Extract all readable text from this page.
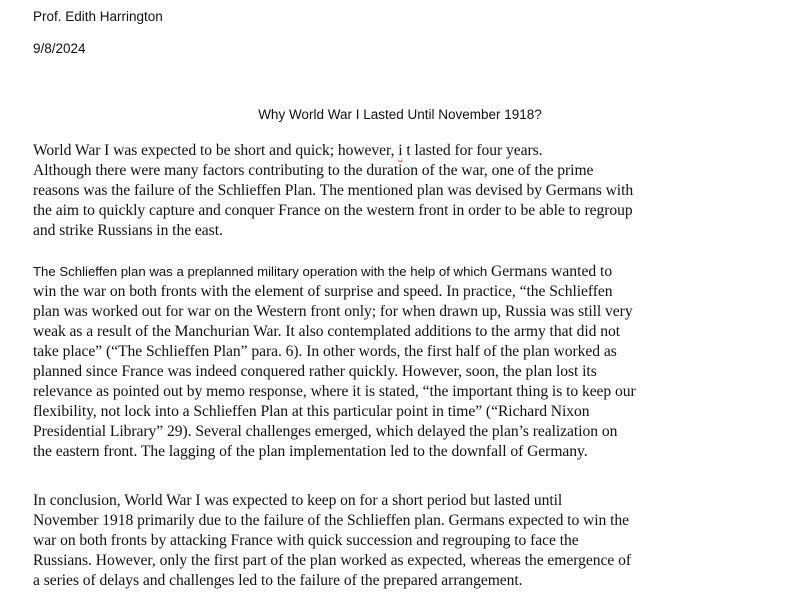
Prof. Edith Harrington
9/8/2024
Why World War I Lasted Until November 1918?
World War I was expected to be short and quick; however, i t lasted for four years.
Although there were many factors contributing to the duration of the war, one of the prime
reasons was the failure of the Schlieffen Plan. The mentioned plan was devised by Germans with
the aim to quickly capture and conquer France on the western front in order to be able to regroup
and strike Russians in the east.
The Schlieffen plan was a preplanned military operation with the help of which Germans wanted to
win the war on both fronts with the element of surprise and speed. In practice, “the Schlieffen
plan was worked out for war on the Western front only; for when drawn up, Russia was still very
weak as a result of the Manchurian War. It also contemplated additions to the army that did not
take place” (“The Schlieffen Plan” para. 6). In other words, the first half of the plan worked as
planned since France was indeed conquered rather quickly. However, soon, the plan lost its
relevance as pointed out by memo response, where it is stated, “the important thing is to keep our
flexibility, not lock into a Schlieffen Plan at this particular point in time” (“Richard Nixon
Presidential Library” 29). Several challenges emerged, which delayed the plan’s realization on
the eastern front. The lagging of the plan implementation led to the downfall of Germany.
In conclusion, World War I was expected to keep on for a short period but lasted until
November 1918 primarily due to the failure of the Schlieffen plan. Germans expected to win the
war on both fronts by attacking France with quick succession and regrouping to face the
Russians. However, only the first part of the plan worked as expected, whereas the emergence of
a series of delays and challenges led to the failure of the prepared arrangement.
